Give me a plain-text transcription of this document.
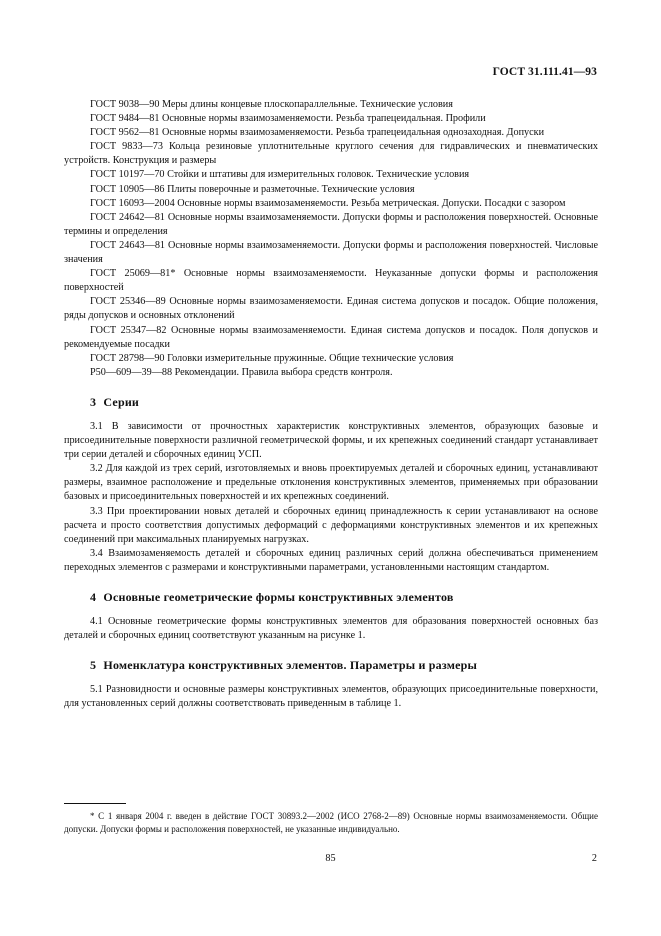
ГОСТ 31.111.41—93

ГОСТ 9038—90 Меры длины концевые плоскопараллельные. Технические условия

ГОСТ 9484—81 Основные нормы взаимозаменяемости. Резьба трапецеидальная. Профили

ГОСТ 9562—81 Основные нормы взаимозаменяемости. Резьба трапецеидальная однозаходная. Допуски

ГОСТ 9833—73 Кольца резиновые уплотнительные круглого сечения для гидравлических и пневматических устройств. Конструкция и размеры

ГОСТ 10197—70 Стойки и штативы для измерительных головок. Технические условия

ГОСТ 10905—86 Плиты поверочные и разметочные. Технические условия

ГОСТ 16093—2004 Основные нормы взаимозаменяемости. Резьба метрическая. Допуски. Посадки с зазором

ГОСТ 24642—81 Основные нормы взаимозаменяемости. Допуски формы и расположения поверхностей. Основные термины и определения

ГОСТ 24643—81 Основные нормы взаимозаменяемости. Допуски формы и расположения поверхностей. Числовые значения

ГОСТ 25069—81* Основные нормы взаимозаменяемости. Неуказанные допуски формы и расположения поверхностей

ГОСТ 25346—89 Основные нормы взаимозаменяемости. Единая система допусков и посадок. Общие положения, ряды допусков и основных отклонений

ГОСТ 25347—82 Основные нормы взаимозаменяемости. Единая система допусков и посадок. Поля допусков и рекомендуемые посадки

ГОСТ 28798—90 Головки измерительные пружинные. Общие технические условия

Р50—609—39—88 Рекомендации. Правила выбора средств контроля.

3 Серии

3.1 В зависимости от прочностных характеристик конструктивных элементов, образующих базовые и присоединительные поверхности различной геометрической формы, и их крепежных соединений стандарт устанавливает три серии деталей и сборочных единиц УСП.

3.2 Для каждой из трех серий, изготовляемых и вновь проектируемых деталей и сборочных единиц, устанавливают размеры, взаимное расположение и предельные отклонения конструктивных элементов, применяемых при образовании базовых и присоединительных поверхностей и их крепежных соединений.

3.3 При проектировании новых деталей и сборочных единиц принадлежность к серии устанавливают на основе расчета и просто соответствия допустимых деформаций с деформациями конструктивных элементов и их крепежных соединений при максимальных планируемых нагрузках.

3.4 Взаимозаменяемость деталей и сборочных единиц различных серий должна обеспечиваться применением переходных элементов с размерами и конструктивными параметрами, установленными настоящим стандартом.

4 Основные геометрические формы конструктивных элементов

4.1 Основные геометрические формы конструктивных элементов для образования поверхностей основных баз деталей и сборочных единиц соответствуют указанным на рисунке 1.

5 Номенклатура конструктивных элементов. Параметры и размеры

5.1 Разновидности и основные размеры конструктивных элементов, образующих присоединительные поверхности, для установленных серий должны соответствовать приведенным в таблице 1.

* С 1 января 2004 г. введен в действие ГОСТ 30893.2—2002 (ИСО 2768-2—89) Основные нормы взаимозаменяемости. Общие допуски. Допуски формы и расположения поверхностей, не указанные индивидуально.
85	2
